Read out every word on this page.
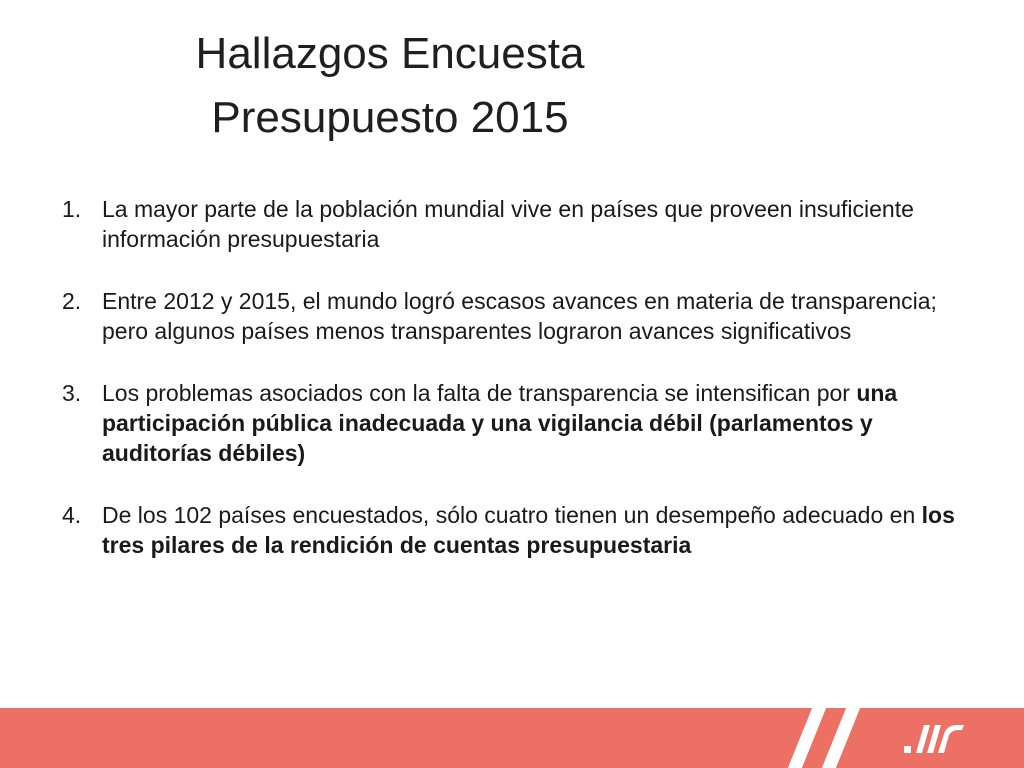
Hallazgos Encuesta
Presupuesto 2015
1. La mayor parte de la población mundial vive en países que proveen insuficiente información presupuestaria
2. Entre 2012 y 2015, el mundo logró escasos avances en materia de transparencia; pero algunos países menos transparentes lograron avances significativos
3. Los problemas asociados con la falta de transparencia se intensifican por una participación pública inadecuada y una vigilancia débil (parlamentos y auditorías débiles)
4. De los 102 países encuestados, sólo cuatro tienen un desempeño adecuado en los tres pilares de la rendición de cuentas presupuestaria
